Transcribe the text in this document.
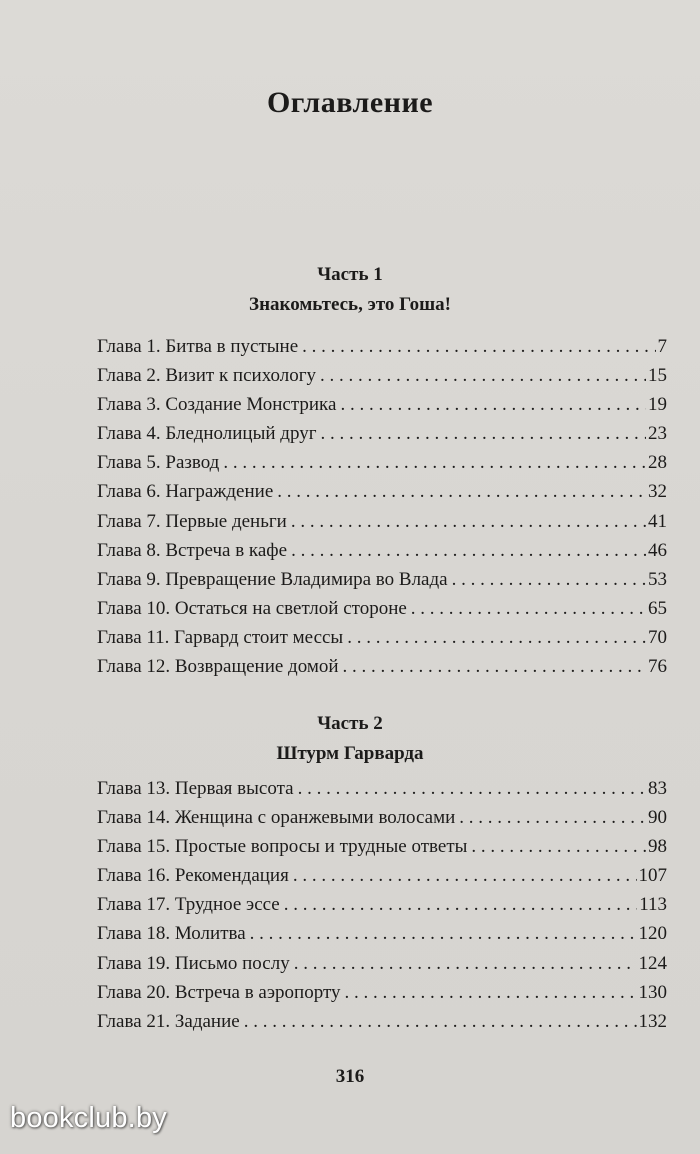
Оглавление
Часть 1
Знакомьтесь, это Гоша!
Глава 1. Битва в пустыне . . .	7
Глава 2. Визит к психологу . . .	15
Глава 3. Создание Монстрика . . .	19
Глава 4. Бледнолицый друг . . .	23
Глава 5. Развод . . .	28
Глава 6. Награждение . . .	32
Глава 7. Первые деньги . . .	41
Глава 8. Встреча в кафе . . .	46
Глава 9. Превращение Владимира во Влада . . .	53
Глава 10. Остаться на светлой стороне . . .	65
Глава 11. Гарвард стоит мессы . . .	70
Глава 12. Возвращение домой . . .	76
Часть 2
Штурм Гарварда
Глава 13. Первая высота . . .	83
Глава 14. Женщина с оранжевыми волосами . . .	90
Глава 15. Простые вопросы и трудные ответы . . .	98
Глава 16. Рекомендация . . .	107
Глава 17. Трудное эссе . . .	113
Глава 18. Молитва . . .	120
Глава 19. Письмо послу . . .	124
Глава 20. Встреча в аэропорту . . .	130
Глава 21. Задание . . .	132
316
bookclub.by
